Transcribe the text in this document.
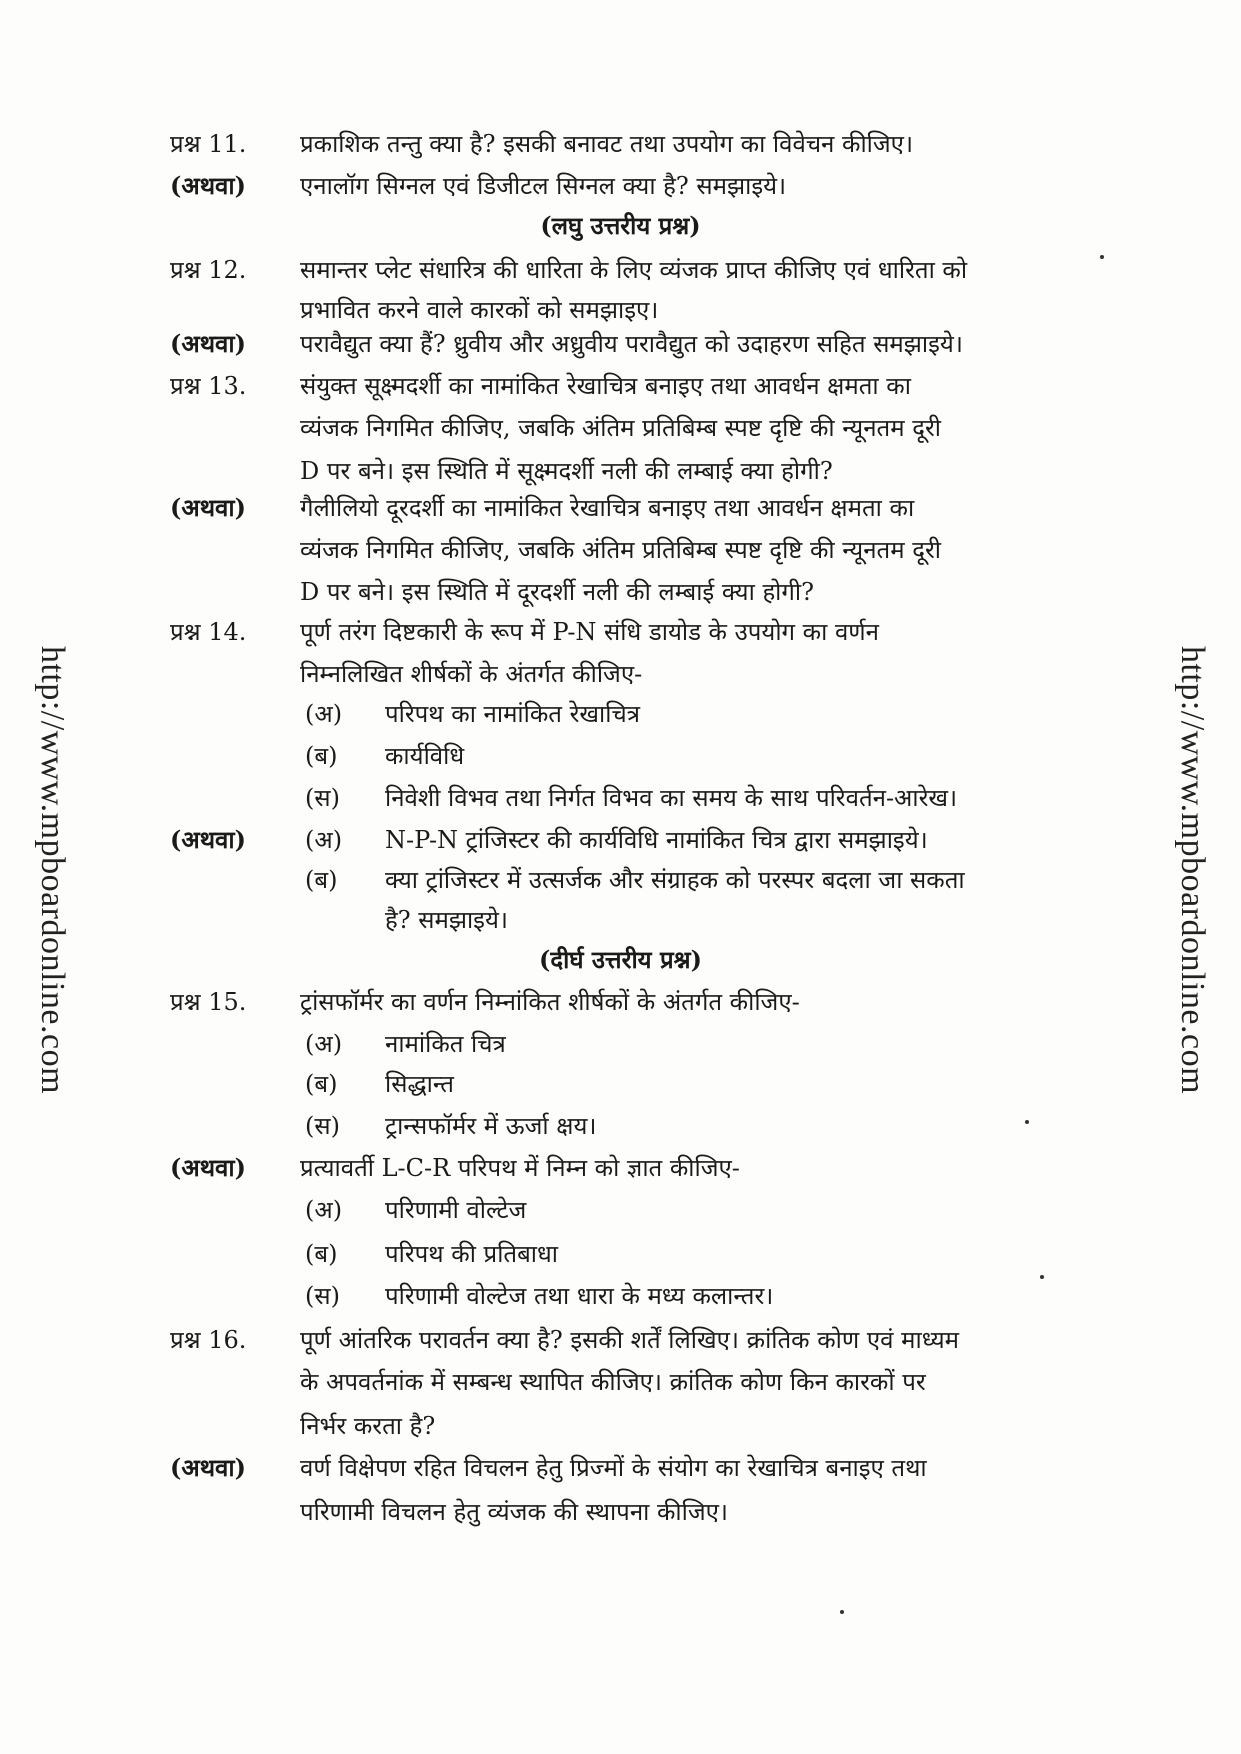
http://www.mpboardonline.com	http://www.mpboardonline.com
प्रश्न 11. प्रकाशिक तन्तु क्या है? इसकी बनावट तथा उपयोग का विवेचन कीजिए।
(अथवा) एनालॉग सिग्नल एवं डिजीटल सिग्नल क्या है? समझाइये।
(लघु उत्तरीय प्रश्न)
प्रश्न 12. समान्तर प्लेट संधारित्र की धारिता के लिए व्यंजक प्राप्त कीजिए एवं धारिता को
प्रभावित करने वाले कारकों को समझाइए।
(अथवा) परावैद्युत क्या हैं? ध्रुवीय और अध्रुवीय परावैद्युत को उदाहरण सहित समझाइये।
प्रश्न 13. संयुक्त सूक्ष्मदर्शी का नामांकित रेखाचित्र बनाइए तथा आवर्धन क्षमता का
व्यंजक निगमित कीजिए, जबकि अंतिम प्रतिबिम्ब स्पष्ट दृष्टि की न्यूनतम दूरी
D पर बने। इस स्थिति में सूक्ष्मदर्शी नली की लम्बाई क्या होगी?
(अथवा) गैलीलियो दूरदर्शी का नामांकित रेखाचित्र बनाइए तथा आवर्धन क्षमता का
व्यंजक निगमित कीजिए, जबकि अंतिम प्रतिबिम्ब स्पष्ट दृष्टि की न्यूनतम दूरी
D पर बने। इस स्थिति में दूरदर्शी नली की लम्बाई क्या होगी?
प्रश्न 14. पूर्ण तरंग दिष्टकारी के रूप में P-N संधि डायोड के उपयोग का वर्णन
निम्नलिखित शीर्षकों के अंतर्गत कीजिए-
(अ) परिपथ का नामांकित रेखाचित्र
(ब) कार्यविधि
(स) निवेशी विभव तथा निर्गत विभव का समय के साथ परिवर्तन-आरेख।
(अथवा) (अ) N-P-N ट्रांजिस्टर की कार्यविधि नामांकित चित्र द्वारा समझाइये।
(ब) क्या ट्रांजिस्टर में उत्सर्जक और संग्राहक को परस्पर बदला जा सकता
है? समझाइये।
(दीर्घ उत्तरीय प्रश्न)
प्रश्न 15. ट्रांसफॉर्मर का वर्णन निम्नांकित शीर्षकों के अंतर्गत कीजिए-
(अ) नामांकित चित्र
(ब) सिद्धान्त
(स) ट्रान्सफॉर्मर में ऊर्जा क्षय।
(अथवा) प्रत्यावर्ती L-C-R परिपथ में निम्न को ज्ञात कीजिए-
(अ) परिणामी वोल्टेज
(ब) परिपथ की प्रतिबाधा
(स) परिणामी वोल्टेज तथा धारा के मध्य कलान्तर।
प्रश्न 16. पूर्ण आंतरिक परावर्तन क्या है? इसकी शर्तें लिखिए। क्रांतिक कोण एवं माध्यम
के अपवर्तनांक में सम्बन्ध स्थापित कीजिए। क्रांतिक कोण किन कारकों पर
निर्भर करता है?
(अथवा) वर्ण विक्षेपण रहित विचलन हेतु प्रिज्मों के संयोग का रेखाचित्र बनाइए तथा
परिणामी विचलन हेतु व्यंजक की स्थापना कीजिए।
